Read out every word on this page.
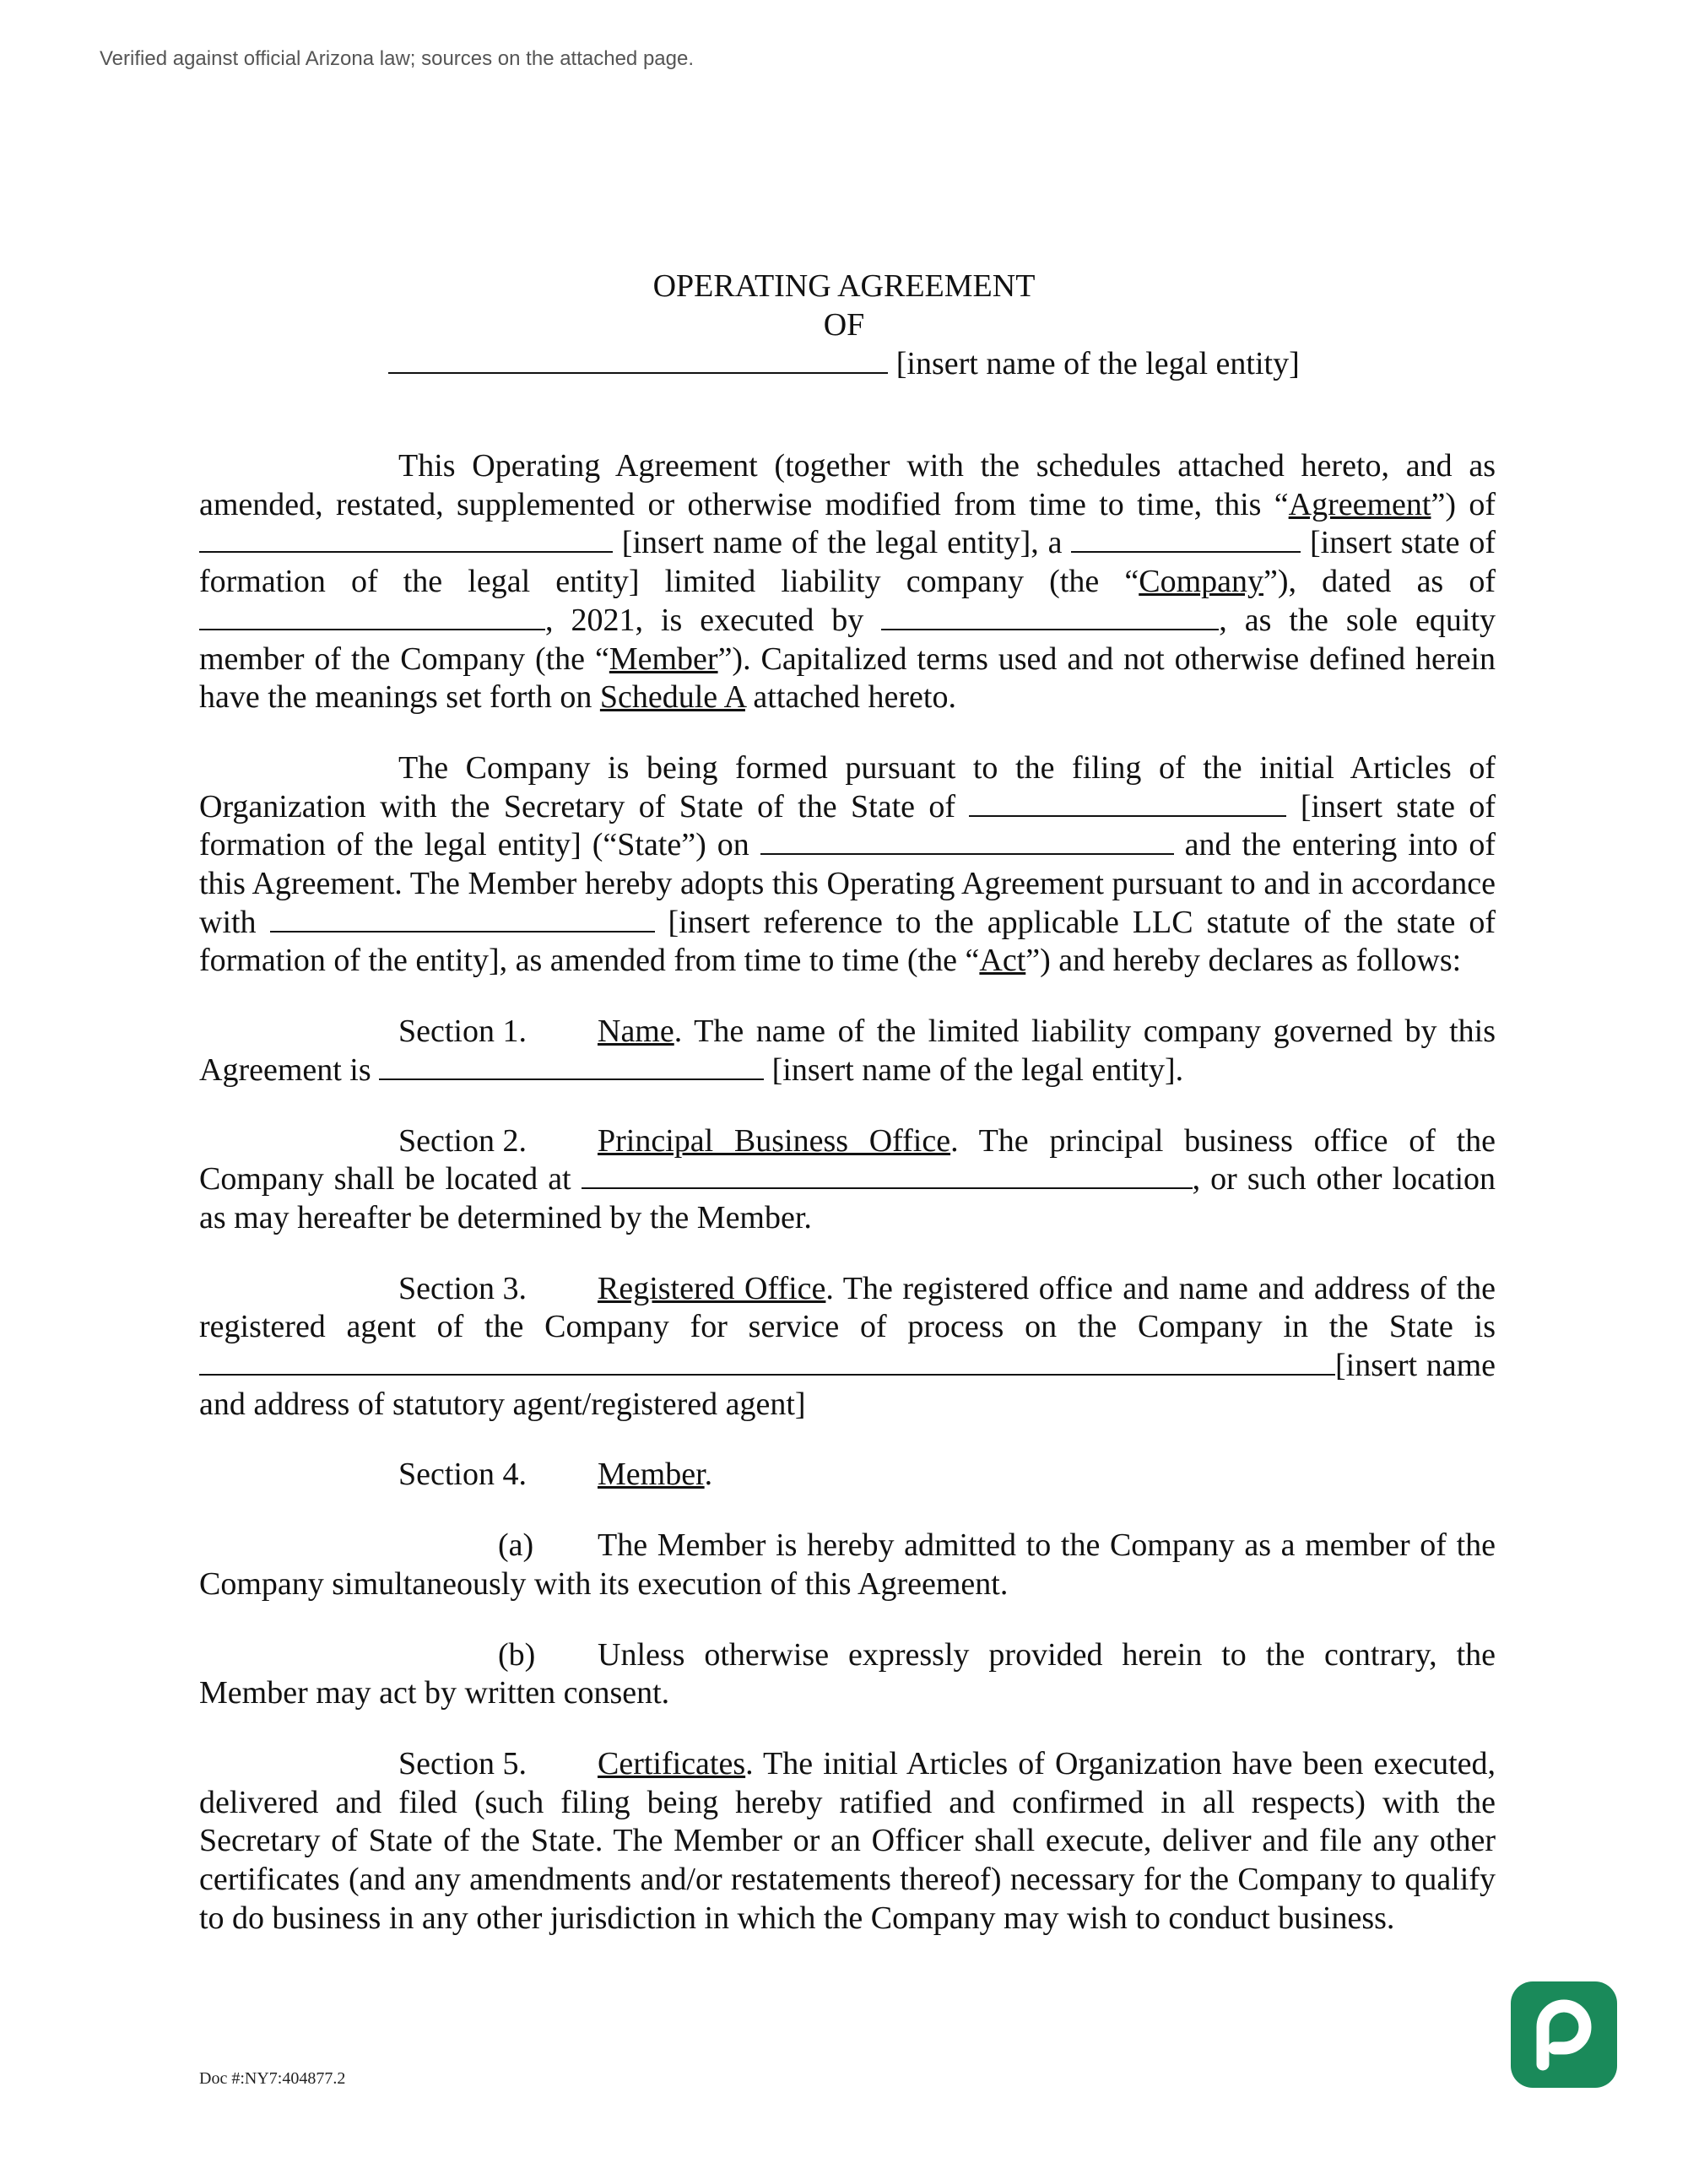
Verified against official Arizona law; sources on the attached page.
OPERATING AGREEMENT
OF
[insert name of the legal entity]

This Operating Agreement (together with the schedules attached hereto, and as amended, restated, supplemented or otherwise modified from time to time, this “Agreement”) of  [insert name of the legal entity], a	[insert state of formation of the legal entity] limited liability company (the “Company”), dated as of , 2021, is executed by	, as the sole equity member of the Company (the “Member”). Capitalized terms used and not otherwise defined herein have the meanings set forth on Schedule A attached hereto.

The Company is being formed pursuant to the filing of the initial Articles of Organization with the Secretary of State of the State of	[insert state of formation of the legal entity] (“State”) on	and the entering into of this Agreement. The Member hereby adopts this Operating Agreement pursuant to and in accordance with	[insert reference to the applicable LLC statute of the state of formation of the entity], as amended from time to time (the “Act”) and hereby declares as follows:

Section 1. Name. The name of the limited liability company governed by this Agreement is	[insert name of the legal entity].

Section 2. Principal Business Office. The principal business office of the Company shall be located at	, or such other location as may hereafter be determined by the Member.

Section 3. Registered Office. The registered office and name and address of the registered agent of the Company for service of process on the Company in the State is [insert name and address of statutory agent/registered agent]

Section 4. Member.

(a) The Member is hereby admitted to the Company as a member of the Company simultaneously with its execution of this Agreement.

(b) Unless otherwise expressly provided herein to the contrary, the Member may act by written consent.

Section 5. Certificates. The initial Articles of Organization have been executed, delivered and filed (such filing being hereby ratified and confirmed in all respects) with the Secretary of State of the State. The Member or an Officer shall execute, deliver and file any other certificates (and any amendments and/or restatements thereof) necessary for the Company to qualify to do business in any other jurisdiction in which the Company may wish to conduct business.

Doc #:NY7:404877.2
